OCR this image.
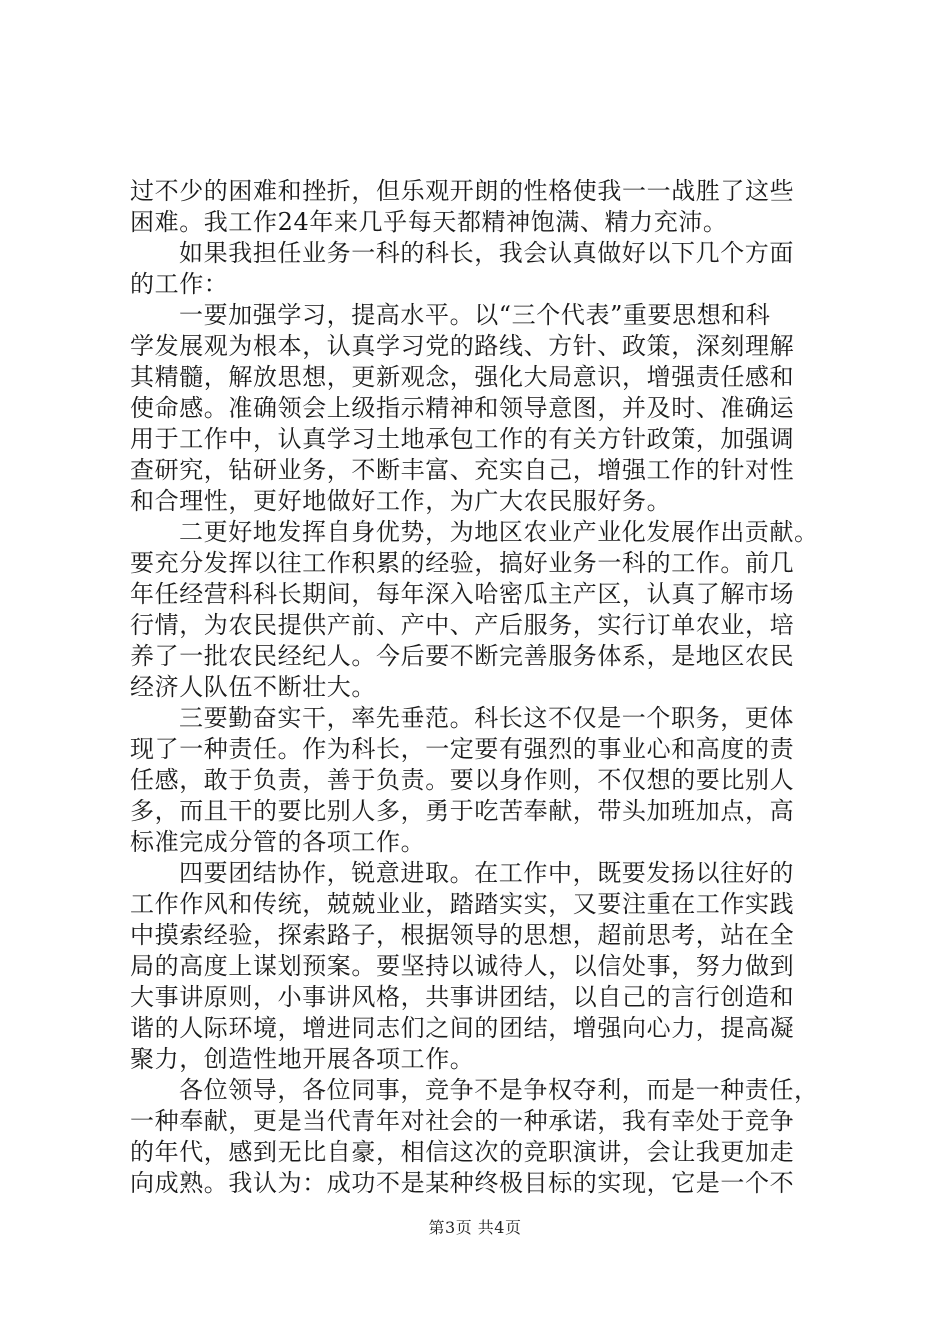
过不少的困难和挫折，但乐观开朗的性格使我一一战胜了这些
困难。我工作24年来几乎每天都精神饱满、精力充沛。
如果我担任业务一科的科长，我会认真做好以下几个方面
的工作：
一要加强学习，提高水平。以“三个代表”重要思想和科
学发展观为根本，认真学习党的路线、方针、政策，深刻理解
其精髓，解放思想，更新观念，强化大局意识，增强责任感和
使命感。准确领会上级指示精神和领导意图，并及时、准确运
用于工作中，认真学习土地承包工作的有关方针政策，加强调
查研究，钻研业务，不断丰富、充实自己，增强工作的针对性
和合理性，更好地做好工作，为广大农民服好务。
二更好地发挥自身优势，为地区农业产业化发展作出贡献。
要充分发挥以往工作积累的经验，搞好业务一科的工作。前几
年任经营科科长期间，每年深入哈密瓜主产区，认真了解市场
行情，为农民提供产前、产中、产后服务，实行订单农业，培
养了一批农民经纪人。今后要不断完善服务体系，是地区农民
经济人队伍不断壮大。
三要勤奋实干，率先垂范。科长这不仅是一个职务，更体
现了一种责任。作为科长，一定要有强烈的事业心和高度的责
任感，敢于负责，善于负责。要以身作则，不仅想的要比别人
多，而且干的要比别人多，勇于吃苦奉献，带头加班加点，高
标准完成分管的各项工作。
四要团结协作，锐意进取。在工作中，既要发扬以往好的
工作作风和传统，兢兢业业，踏踏实实，又要注重在工作实践
中摸索经验，探索路子，根据领导的思想，超前思考，站在全
局的高度上谋划预案。要坚持以诚待人，以信处事，努力做到
大事讲原则，小事讲风格，共事讲团结，以自己的言行创造和
谐的人际环境，增进同志们之间的团结，增强向心力，提高凝
聚力，创造性地开展各项工作。
各位领导，各位同事，竞争不是争权夺利，而是一种责任，
一种奉献，更是当代青年对社会的一种承诺，我有幸处于竞争
的年代，感到无比自豪，相信这次的竞职演讲，会让我更加走
向成熟。我认为：成功不是某种终极目标的实现，它是一个不
第3页 共4页
